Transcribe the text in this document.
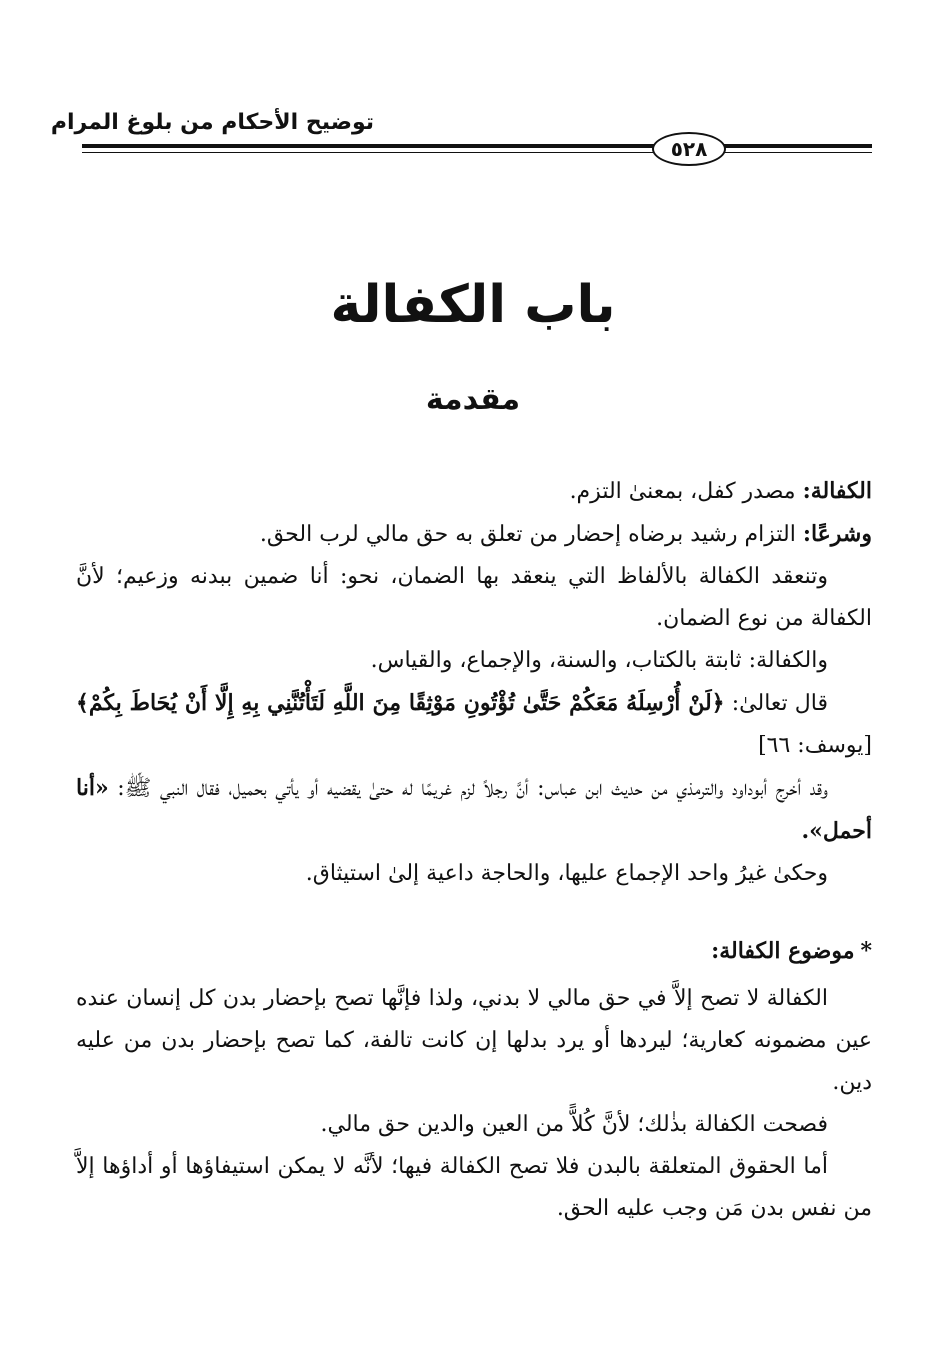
توضيح الأحكام من بلوغ المرام
٥٢٨
باب الكفالة
مقدمة

الكفالة: مصدر كفل، بمعنىٰ التزم.

وشرعًا: التزام رشيد برضاه إحضار من تعلق به حق مالي لرب الحق.

وتنعقد الكفالة بالألفاظ التي ينعقد بها الضمان، نحو: أنا ضمين ببدنه وزعيم؛ لأنَّ الكفالة من نوع الضمان.

والكفالة: ثابتة بالكتاب، والسنة، والإجماع، والقياس.

قال تعالىٰ: ﴿لَنْ أُرْسِلَهُ مَعَكُمْ حَتَّىٰ تُؤْتُونِ مَوْثِقًا مِنَ اللَّهِ لَتَأْتُنَّنِي بِهِ إِلَّا أَنْ يُحَاطَ بِكُمْ﴾ [يوسف: ٦٦]

وقد أخرج أبوداود والترمذي من حديث ابن عباس: أنَّ رجلاً لزم غريمًا له حتىٰ يقضيه أو يأتي بحميل، فقال النبي ﷺ: «أنا أحمل».

وحكىٰ غيرُ واحد الإجماع عليها، والحاجة داعية إلىٰ استيثاق.

*موضوع الكفالة:

الكفالة لا تصح إلاَّ في حق مالي لا بدني، ولذا فإنَّها تصح بإحضار بدن كل إنسان عنده عين مضمونه كعارية؛ ليردها أو يرد بدلها إن كانت تالفة، كما تصح بإحضار بدن من عليه دين.

فصحت الكفالة بذٰلك؛ لأنَّ كُلاًّ من العين والدين حق مالي.

أما الحقوق المتعلقة بالبدن فلا تصح الكفالة فيها؛ لأنَّه لا يمكن استيفاؤها أو أداؤها إلاَّ من نفس بدن مَن وجب عليه الحق.
